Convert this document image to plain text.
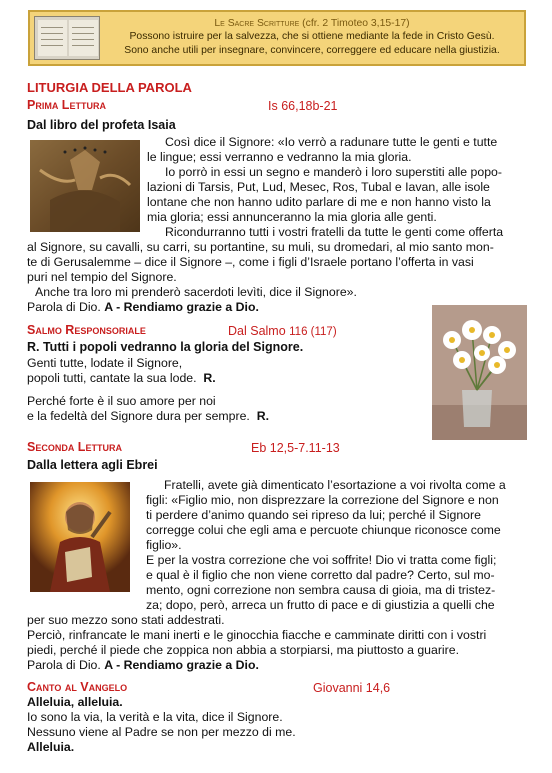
Le Sacre Scritture (cfr. 2 Timoteo 3,15-17)
Possono istruire per la salvezza, che si ottiene mediante la fede in Cristo Gesù.
Sono anche utili per insegnare, convincere, correggere ed educare nella giustizia.
LITURGIA DELLA PAROLA
Prima Lettura	Is 66,18b-21
Dal libro del profeta Isaia

Così dice il Signore: «Io verrò a radunare tutte le genti e tutte

le lingue; essi verranno e vedranno la mia gloria.

Io porrò in essi un segno e manderò i loro superstiti alle popo-

lazioni di Tarsis, Put, Lud, Mesec, Ros, Tubal e Iavan, alle isole

lontane che non hanno udito parlare di me e non hanno visto la

mia gloria; essi annunceranno la mia gloria alle genti.

Ricondurranno tutti i vostri fratelli da tutte le genti come offerta

al Signore, su cavalli, su carri, su portantine, su muli, su dromedari, al mio santo mon-

te di Gerusalemme – dice il Signore –, come i figli d’Israele portano l’offerta in vasi

puri nel tempio del Signore.

Anche tra loro mi prenderò sacerdoti levìti, dice il Signore».

Parola di Dio. A - Rendiamo grazie a Dio.

Salmo Responsoriale	Dal Salmo 116 (117)
R. Tutti i popoli vedranno la gloria del Signore.

Genti tutte, lodate il Signore,

popoli tutti, cantate la sua lode. R.

Perché forte è il suo amore per noi

e la fedeltà del Signore dura per sempre. R.

Seconda Lettura	Eb 12,5-7.11-13
Dalla lettera agli Ebrei

Fratelli, avete già dimenticato l’esortazione a voi rivolta come a

figli: «Figlio mio, non disprezzare la correzione del Signore e non

ti perdere d’animo quando sei ripreso da lui; perché il Signore

corregge colui che egli ama e percuote chiunque riconosce come

figlio».

E per la vostra correzione che voi soffrite! Dio vi tratta come figli;

e qual è il figlio che non viene corretto dal padre? Certo, sul mo-

mento, ogni correzione non sembra causa di gioia, ma di tristez-

za; dopo, però, arreca un frutto di pace e di giustizia a quelli che

per suo mezzo sono stati addestrati.

Perciò, rinfrancate le mani inerti e le ginocchia fiacche e camminate diritti con i vostri

piedi, perché il piede che zoppica non abbia a storpiarsi, ma piuttosto a guarire.

Parola di Dio. A - Rendiamo grazie a Dio.

Canto al Vangelo	Giovanni 14,6

Alleluia, alleluia.

Io sono la via, la verità e la vita, dice il Signore.

Nessuno viene al Padre se non per mezzo di me.

Alleluia.
